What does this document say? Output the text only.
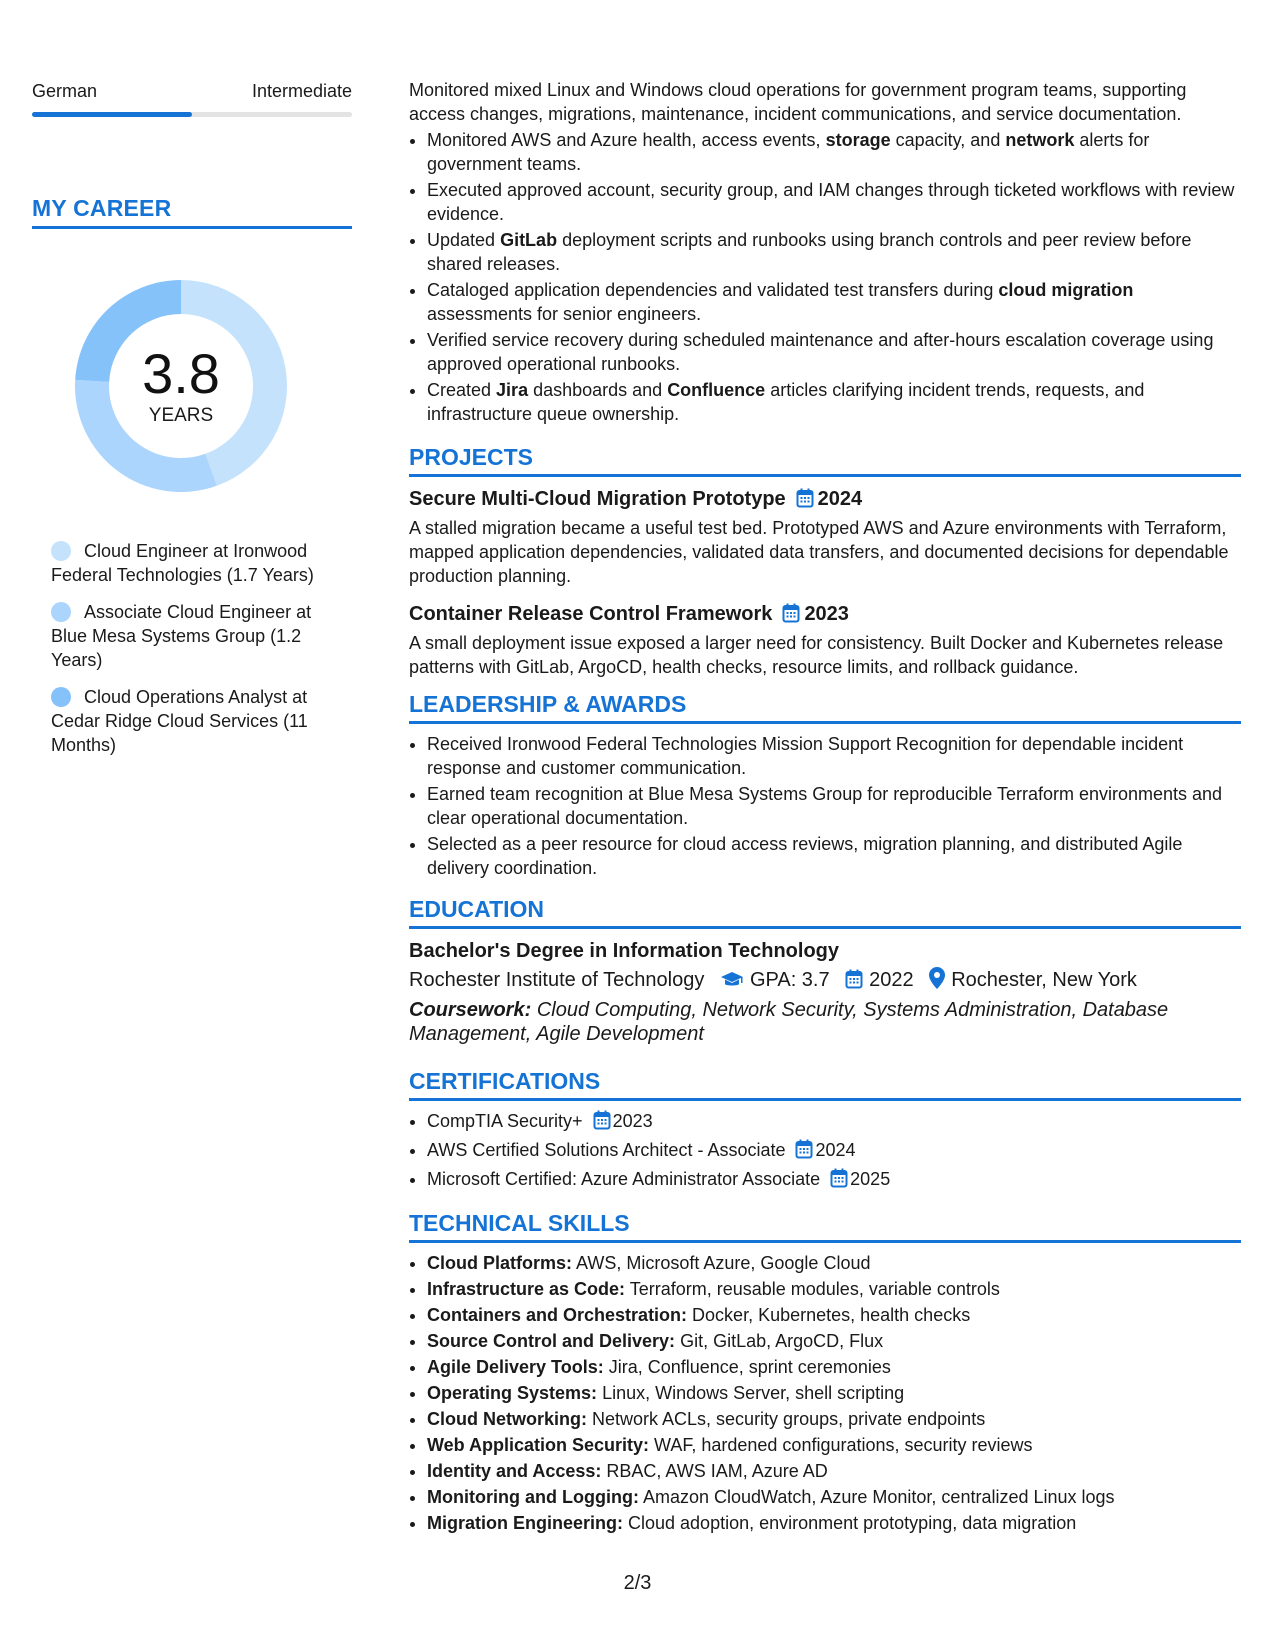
German	Intermediate
MY CAREER
3.8
YEARS
Cloud Engineer at Ironwood Federal Technologies (1.7 Years)
Associate Cloud Engineer at Blue Mesa Systems Group (1.2 Years)
Cloud Operations Analyst at Cedar Ridge Cloud Services (11 Months)

Monitored mixed Linux and Windows cloud operations for government program teams, supporting access changes, migrations, maintenance, incident communications, and service documentation.

• Monitored AWS and Azure health, access events, storage capacity, and network alerts for government teams.
• Executed approved account, security group, and IAM changes through ticketed workflows with review evidence.
• Updated GitLab deployment scripts and runbooks using branch controls and peer review before shared releases.
• Cataloged application dependencies and validated test transfers during cloud migration assessments for senior engineers.
• Verified service recovery during scheduled maintenance and after-hours escalation coverage using approved operational runbooks.
• Created Jira dashboards and Confluence articles clarifying incident trends, requests, and infrastructure queue ownership.
PROJECTS
Secure Multi-Cloud Migration Prototype 2024
A stalled migration became a useful test bed. Prototyped AWS and Azure environments with Terraform, mapped application dependencies, validated data transfers, and documented decisions for dependable production planning.
Container Release Control Framework 2023
A small deployment issue exposed a larger need for consistency. Built Docker and Kubernetes release patterns with GitLab, ArgoCD, health checks, resource limits, and rollback guidance.
LEADERSHIP & AWARDS
• Received Ironwood Federal Technologies Mission Support Recognition for dependable incident response and customer communication.
• Earned team recognition at Blue Mesa Systems Group for reproducible Terraform environments and clear operational documentation.
• Selected as a peer resource for cloud access reviews, migration planning, and distributed Agile delivery coordination.
EDUCATION
Bachelor's Degree in Information Technology
Rochester Institute of Technology GPA: 3.7 2022 Rochester, New York
Coursework: Cloud Computing, Network Security, Systems Administration, Database Management, Agile Development
CERTIFICATIONS
• CompTIA Security+ 2023
• AWS Certified Solutions Architect - Associate 2024
• Microsoft Certified: Azure Administrator Associate 2025
TECHNICAL SKILLS
• Cloud Platforms: AWS, Microsoft Azure, Google Cloud
• Infrastructure as Code: Terraform, reusable modules, variable controls
• Containers and Orchestration: Docker, Kubernetes, health checks
• Source Control and Delivery: Git, GitLab, ArgoCD, Flux
• Agile Delivery Tools: Jira, Confluence, sprint ceremonies
• Operating Systems: Linux, Windows Server, shell scripting
• Cloud Networking: Network ACLs, security groups, private endpoints
• Web Application Security: WAF, hardened configurations, security reviews
• Identity and Access: RBAC, AWS IAM, Azure AD
• Monitoring and Logging: Amazon CloudWatch, Azure Monitor, centralized Linux logs
• Migration Engineering: Cloud adoption, environment prototyping, data migration
2/3
